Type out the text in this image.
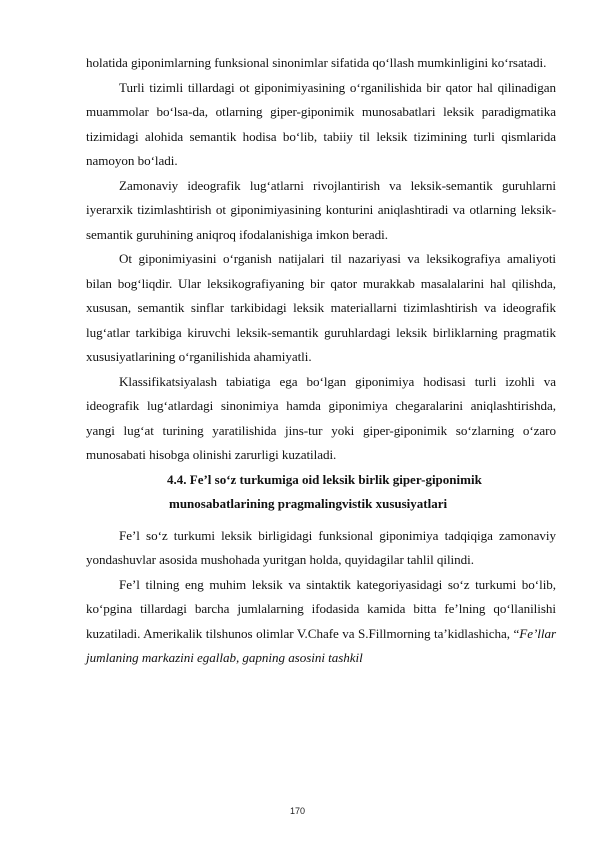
holatida giponimlarning funksional sinonimlar sifatida qo‘llash mumkinligini ko‘rsatadi.

Turli tizimli tillardagi ot giponimiyasining o‘rganilishida bir qator hal qilinadigan muammolar bo‘lsa-da, otlarning giper-giponimik munosabatlari leksik paradigmatika tizimidagi alohida semantik hodisa bo‘lib, tabiiy til leksik tizimining turli qismlarida namoyon bo‘ladi.

Zamonaviy ideografik lug‘atlarni rivojlantirish va leksik-semantik guruhlarni iyerarxik tizimlashtirish ot giponimiyasining konturini aniqlashtiradi va otlarning leksik-semantik guruhining aniqroq ifodalanishiga imkon beradi.

Ot giponimiyasini o‘rganish natijalari til nazariyasi va leksikografiya amaliyoti bilan bog‘liqdir. Ular leksikografiyaning bir qator murakkab masalalarini hal qilishda, xususan, semantik sinflar tarkibidagi leksik materiallarni tizimlashtirish va ideografik lug‘atlar tarkibiga kiruvchi leksik-semantik guruhlardagi leksik birliklarning pragmatik xususiyatlarining o‘rganilishida ahamiyatli.

Klassifikatsiyalash tabiatiga ega bo‘lgan giponimiya hodisasi turli izohli va ideografik lug‘atlardagi sinonimiya hamda giponimiya chegaralarini aniqlashtirishda, yangi lug‘at turining yaratilishida jins-tur yoki giper-giponimik so‘zlarning o‘zaro munosabati hisobga olinishi zarurligi kuzatiladi.

4.4. Fe’l so‘z turkumiga oid leksik birlik giper-giponimik
munosabatlarining pragmalingvistik xususiyatlari

Fe’l so‘z turkumi leksik birligidagi funksional giponimiya tadqiqiga zamonaviy yondashuvlar asosida mushohada yuritgan holda, quyidagilar tahlil qilindi.

Fe’l tilning eng muhim leksik va sintaktik kategoriyasidagi so‘z turkumi bo‘lib, ko‘pgina tillardagi barcha jumlalarning ifodasida kamida bitta fe’lning qo‘llanilishi kuzatiladi. Amerikalik tilshunos olimlar V.Chafe va S.Fillmorning ta’kidlashicha, “Fe’llar jumlaning markazini egallab, gapning asosini tashkil

170
